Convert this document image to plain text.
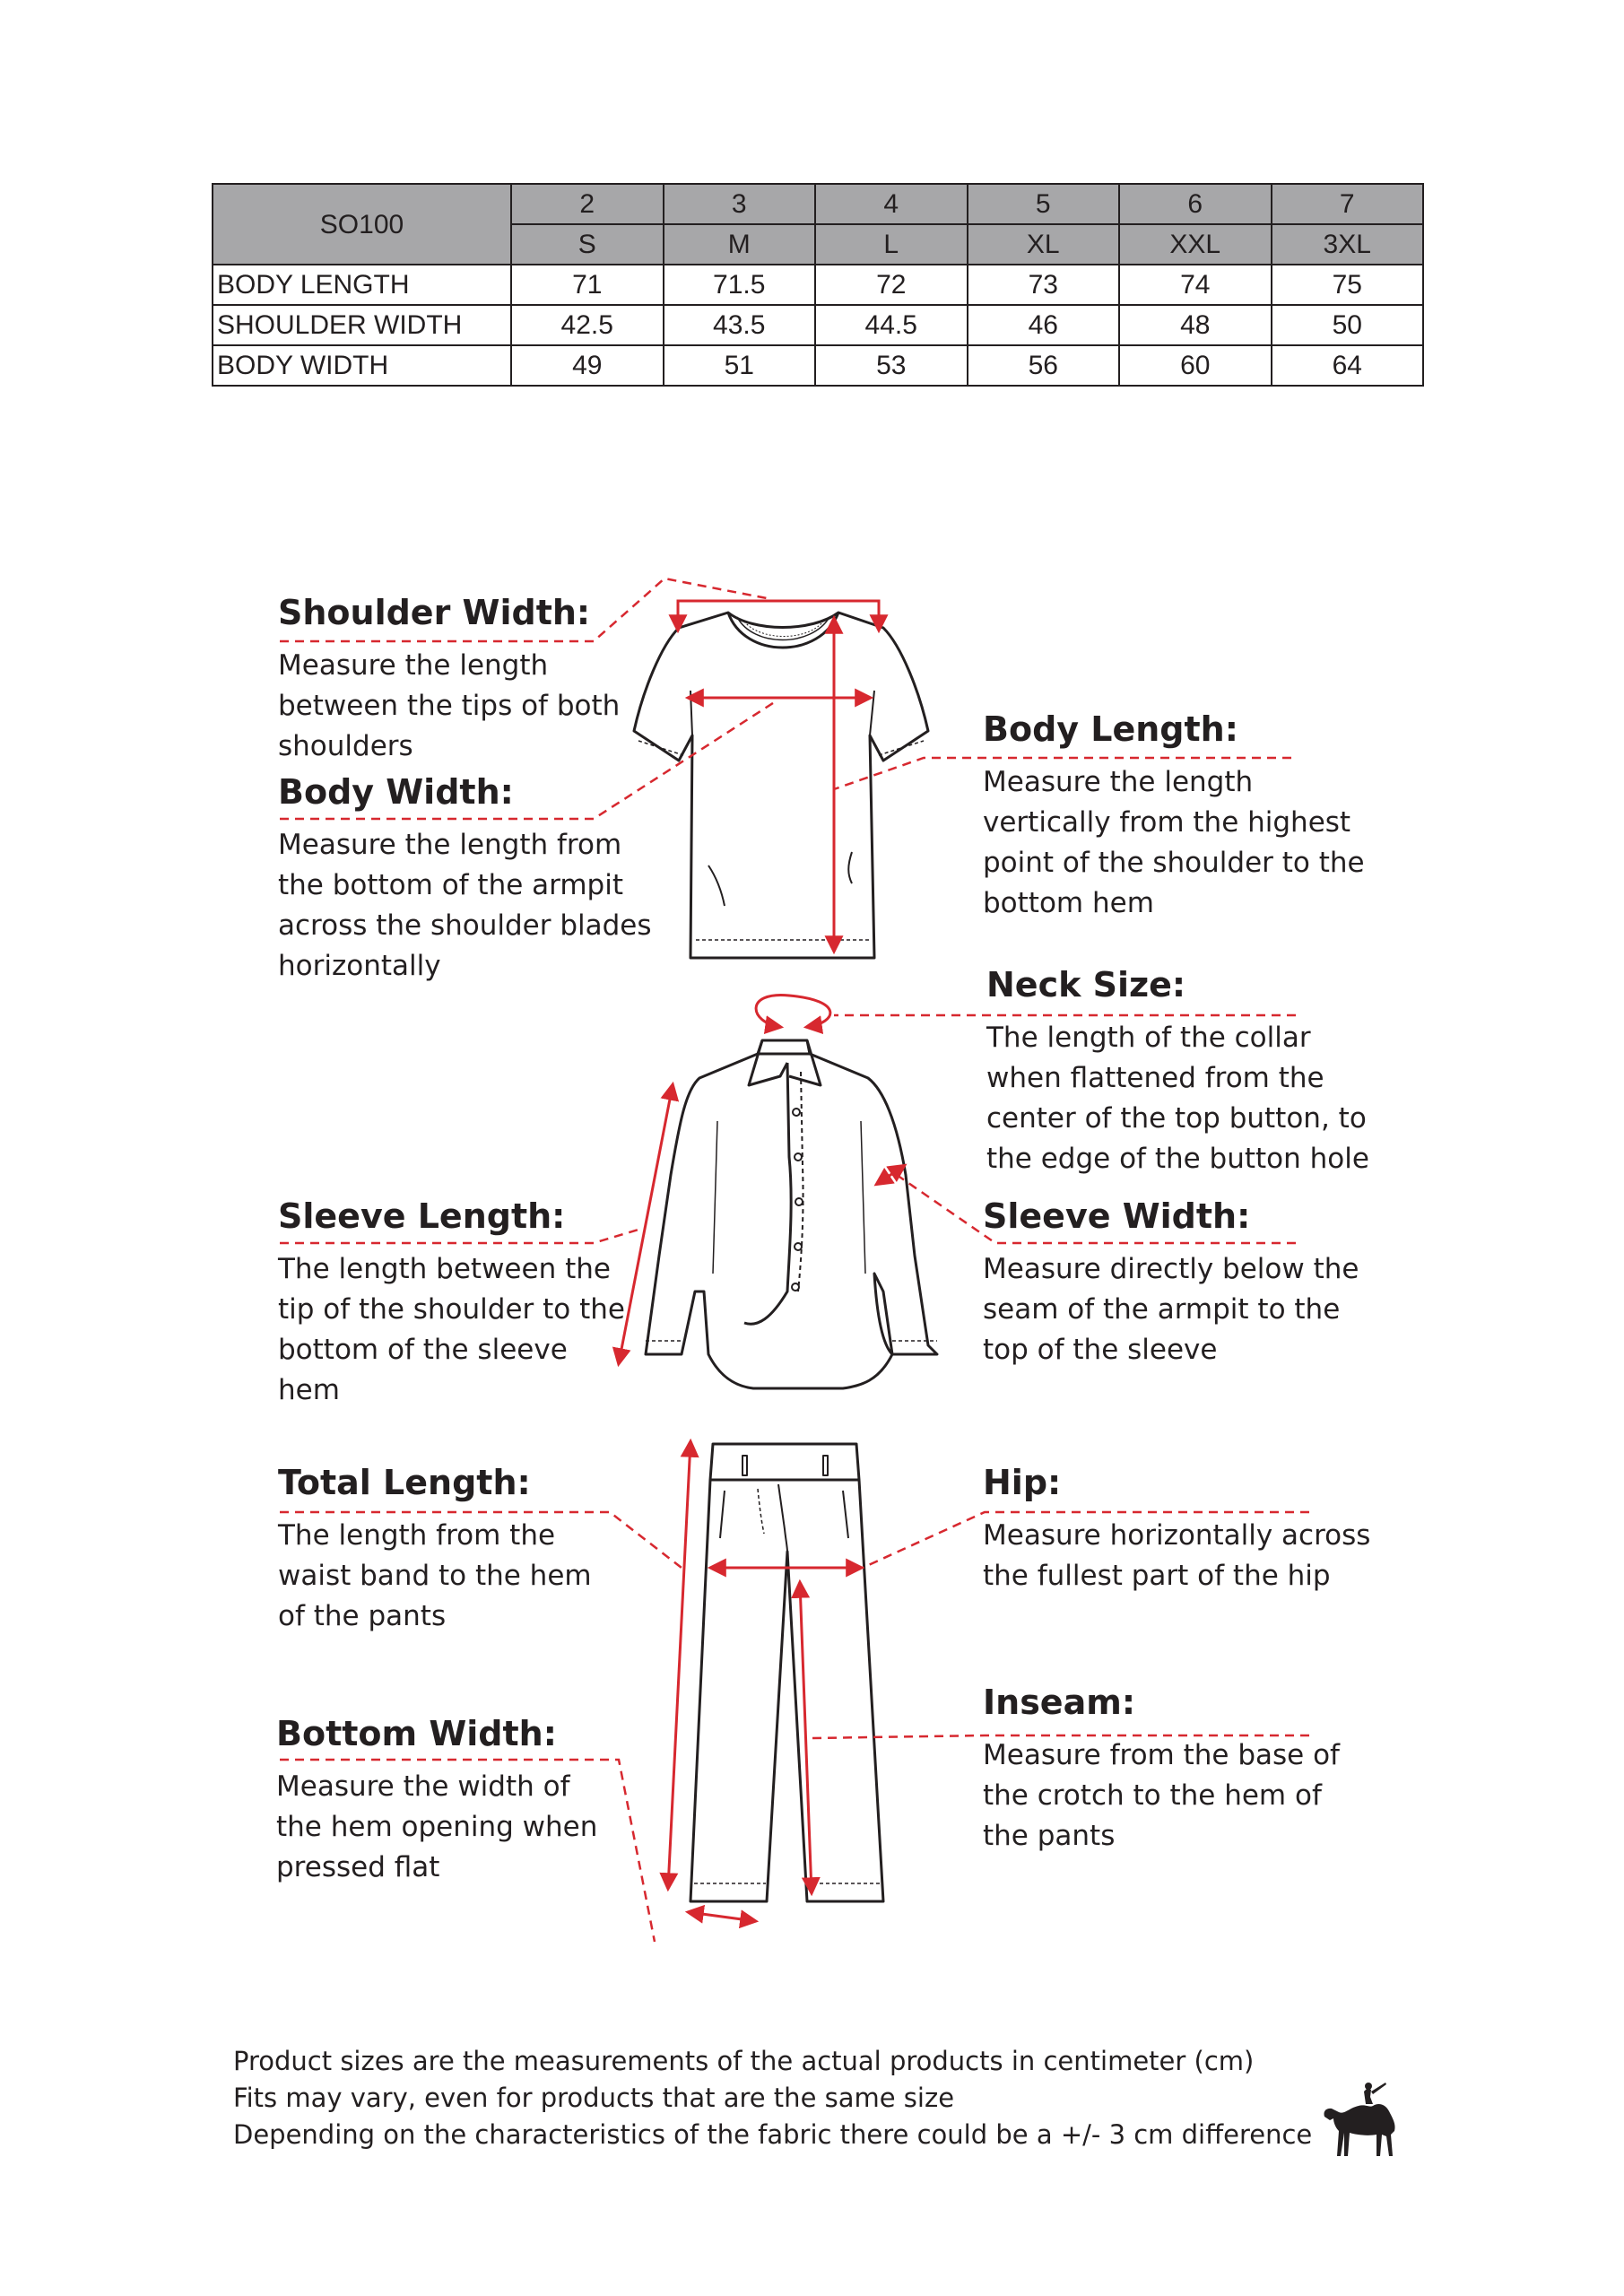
SO100	2	3	4	5	6	7
	S	M	L	XL	XXL	3XL
BODY LENGTH	71	71.5	72	73	74	75
SHOULDER WIDTH	42.5	43.5	44.5	46	48	50
BODY WIDTH	49	51	53	56	60	64
Shoulder Width:
Measure the length
between the tips of both
shoulders
Body Width:
Measure the length from
the bottom of the armpit
across the shoulder blades
horizontally
Body Length:
Measure the length
vertically from the highest
point of the shoulder to the
bottom hem
Neck Size:
The length of the collar
when flattened from the
center of the top button, to
the edge of the button hole
Sleeve Length:
The length between the
tip of the shoulder to the
bottom of the sleeve
hem
Sleeve Width:
Measure directly below the
seam of the armpit to the
top of the sleeve
Total Length:
The length from the
waist band to the hem
of the pants
Hip:
Measure horizontally across
the fullest part of the hip
Bottom Width:
Measure the width of
the hem opening when
pressed flat
Inseam:
Measure from the base of
the crotch to the hem of
the pants
Product sizes are the measurements of the actual products in centimeter (cm)
Fits may vary, even for products that are the same size
Depending on the characteristics of the fabric there could be a +/- 3 cm difference
